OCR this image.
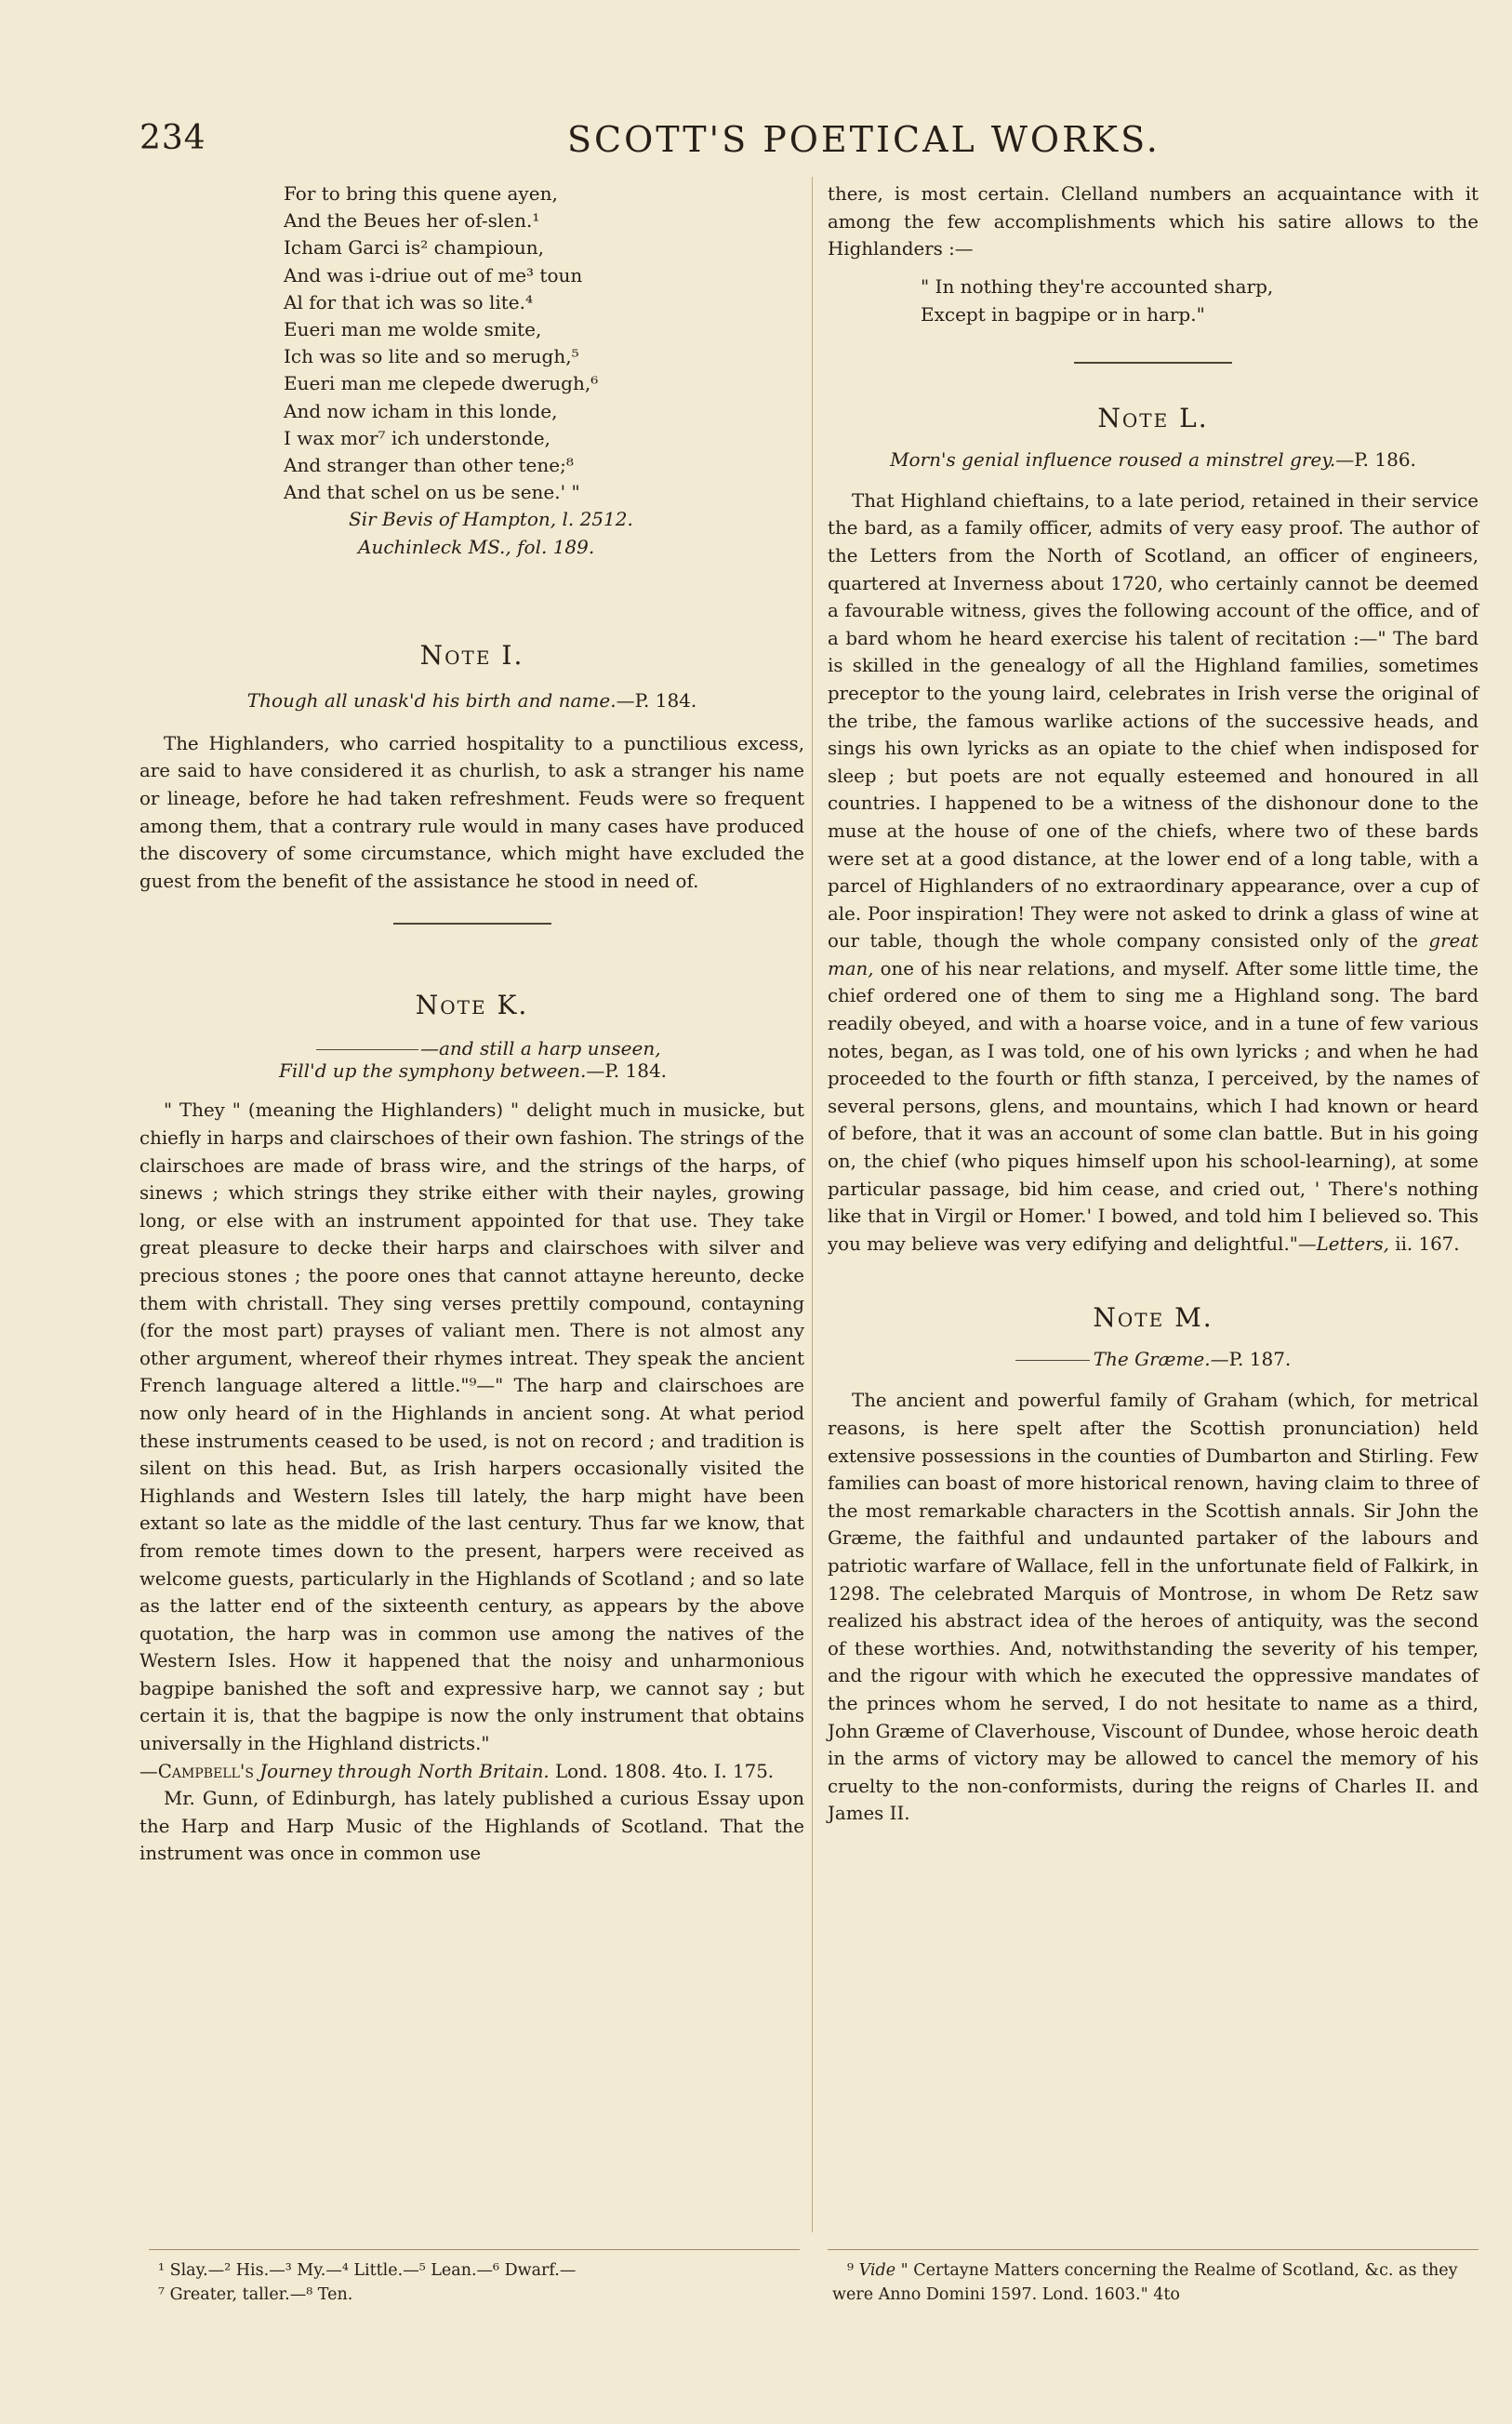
234	SCOTT'S POETICAL WORKS.
For to bring this quene ayen,
And the Beues her of-slen.¹
Icham Garci is² champioun,
And was i-driue out of me³ toun
Al for that ich was so lite.⁴
Eueri man me wolde smite,
Ich was so lite and so merugh,⁵
Eueri man me clepede dwerugh,⁶
And now icham in this londe,
I wax mor⁷ ich understonde,
And stranger than other tene;⁸
And that schel on us be sene.' "
Sir Bevis of Hampton, l. 2512.
Auchinleck MS., fol. 189.

Note I.

Though all unask'd his birth and name.—P. 184.

The Highlanders, who carried hospitality to a punctilious excess, are said to have considered it as churlish, to ask a stranger his name or lineage, before he had taken refreshment. Feuds were so frequent among them, that a contrary rule would in many cases have produced the discovery of some circumstance, which might have excluded the guest from the benefit of the assistance he stood in need of.

Note K.

—and still a harp unseen,

Fill'd up the symphony between.—P. 184.

" They " (meaning the Highlanders) " delight much in musicke, but chiefly in harps and clairschoes of their own fashion. The strings of the clairschoes are made of brass wire, and the strings of the harps, of sinews ; which strings they strike either with their nayles, growing long, or else with an instrument appointed for that use. They take great pleasure to decke their harps and clairschoes with silver and precious stones ; the poore ones that cannot attayne hereunto, decke them with christall. They sing verses prettily compound, contayning (for the most part) prayses of valiant men. There is not almost any other argument, whereof their rhymes intreat. They speak the ancient French language altered a little."⁹—" The harp and clairschoes are now only heard of in the Highlands in ancient song. At what period these instruments ceased to be used, is not on record ; and tradition is silent on this head. But, as Irish harpers occasionally visited the Highlands and Western Isles till lately, the harp might have been extant so late as the middle of the last century. Thus far we know, that from remote times down to the present, harpers were received as welcome guests, particularly in the Highlands of Scotland ; and so late as the latter end of the sixteenth century, as appears by the above quotation, the harp was in common use among the natives of the Western Isles. How it happened that the noisy and unharmonious bagpipe banished the soft and expressive harp, we cannot say ; but certain it is, that the bagpipe is now the only instrument that obtains universally in the Highland districts."
—Campbell's Journey through North Britain. Lond. 1808. 4to. I. 175.

Mr. Gunn, of Edinburgh, has lately published a curious Essay upon the Harp and Harp Music of the Highlands of Scotland. That the instrument was once in common use

there, is most certain. Clelland numbers an acquaintance with it among the few accomplishments which his satire allows to the Highlanders :—

" In nothing they're accounted sharp,
Except in bagpipe or in harp."

Note L.

Morn's genial influence roused a minstrel grey.—P. 186.

That Highland chieftains, to a late period, retained in their service the bard, as a family officer, admits of very easy proof. The author of the Letters from the North of Scotland, an officer of engineers, quartered at Inverness about 1720, who certainly cannot be deemed a favourable witness, gives the following account of the office, and of a bard whom he heard exercise his talent of recitation :—" The bard is skilled in the genealogy of all the Highland families, sometimes preceptor to the young laird, celebrates in Irish verse the original of the tribe, the famous warlike actions of the successive heads, and sings his own lyricks as an opiate to the chief when indisposed for sleep ; but poets are not equally esteemed and honoured in all countries. I happened to be a witness of the dishonour done to the muse at the house of one of the chiefs, where two of these bards were set at a good distance, at the lower end of a long table, with a parcel of Highlanders of no extraordinary appearance, over a cup of ale. Poor inspiration! They were not asked to drink a glass of wine at our table, though the whole company consisted only of the great man, one of his near relations, and myself. After some little time, the chief ordered one of them to sing me a Highland song. The bard readily obeyed, and with a hoarse voice, and in a tune of few various notes, began, as I was told, one of his own lyricks ; and when he had proceeded to the fourth or fifth stanza, I perceived, by the names of several persons, glens, and mountains, which I had known or heard of before, that it was an account of some clan battle. But in his going on, the chief (who piques himself upon his school-learning), at some particular passage, bid him cease, and cried out, ' There's nothing like that in Virgil or Homer.' I bowed, and told him I believed so. This you may believe was very edifying and delightful."—Letters, ii. 167.

Note M.

The Græme.—P. 187.

The ancient and powerful family of Graham (which, for metrical reasons, is here spelt after the Scottish pronunciation) held extensive possessions in the counties of Dumbarton and Stirling. Few families can boast of more historical renown, having claim to three of the most remarkable characters in the Scottish annals. Sir John the Græme, the faithful and undaunted partaker of the labours and patriotic warfare of Wallace, fell in the unfortunate field of Falkirk, in 1298. The celebrated Marquis of Montrose, in whom De Retz saw realized his abstract idea of the heroes of antiquity, was the second of these worthies. And, notwithstanding the severity of his temper, and the rigour with which he executed the oppressive mandates of the princes whom he served, I do not hesitate to name as a third, John Græme of Claverhouse, Viscount of Dundee, whose heroic death in the arms of victory may be allowed to cancel the memory of his cruelty to the non-conformists, during the reigns of Charles II. and James II.

¹ Slay.—² His.—³ My.—⁴ Little.—⁵ Lean.—⁶ Dwarf.—
⁷ Greater, taller.—⁸ Ten.
⁹ Vide " Certayne Matters concerning the Realme of Scotland, &c. as they were Anno Domini 1597. Lond. 1603." 4to
